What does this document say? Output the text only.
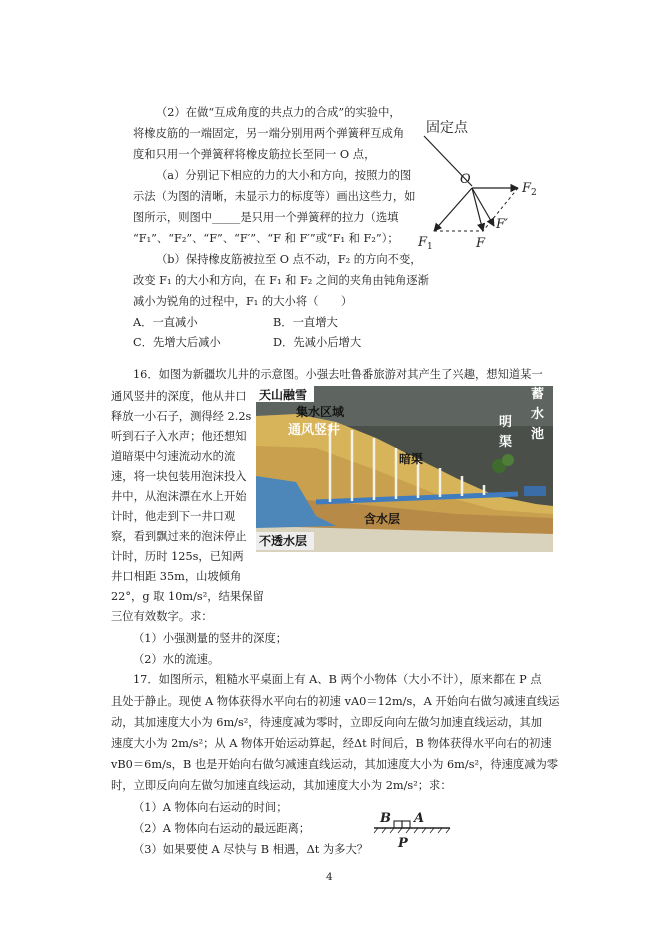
（2）在做“互成角度的共点力的合成”的实验中，
将橡皮筋的一端固定，另一端分别用两个弹簧秤互成角
度和只用一个弹簧秤将橡皮筋拉长至同一 O 点，
（a）分别记下相应的力的大小和方向，按照力的图
示法（为图的清晰，未显示力的标度等）画出这些力，如
图所示，则图中_____是只用一个弹簧秤的拉力（选填
“F₁”、“F₂”、“F”、“F′”、“F 和 F′”或“F₁ 和 F₂”）；
（b）保持橡皮筋被拉至 O 点不动，F₂ 的方向不变，
改变 F₁ 的大小和方向，在 F₁ 和 F₂ 之间的夹角由钝角逐渐
减小为锐角的过程中，F₁ 的大小将（　　）
A．一直减小	B．一直增大
C．先增大后减小	D．先减小后增大
固定点
O
$F_2$
$F_1$	F
F′
16．如图为新疆坎儿井的示意图。小强去吐鲁番旅游对其产生了兴趣，想知道某一
通风竖井的深度，他从井口
释放一小石子，测得经 2.2s
听到石子入水声；他还想知
道暗渠中匀速流动水的流
速，将一块包装用泡沫投入
井中，从泡沫漂在水上开始
计时，他走到下一井口观
察，看到飘过来的泡沫停止
计时，历时 125s，已知两
井口相距 35m，山坡倾角
22°，g 取 10m/s²，结果保留
三位有效数字。求：
（1）小强测量的竖井的深度；
（2）水的流速。
天山融雪
集水区域
通风竖井
暗渠
明
渠
蓄
水
池
含水层
不透水层
17．如图所示，粗糙水平桌面上有 A、B 两个小物体（大小不计），原来都在 P 点
且处于静止。现使 A 物体获得水平向右的初速 vA0＝12m/s，A 开始向右做匀减速直线运
动，其加速度大小为 6m/s²，待速度减为零时，立即反向向左做匀加速直线运动，其加
速度大小为 2m/s²；从 A 物体开始运动算起，经Δt 时间后，B 物体获得水平向右的初速
vB0＝6m/s，B 也是开始向右做匀减速直线运动，其加速度大小为 6m/s²，待速度减为零
时，立即反向向左做匀加速直线运动，其加速度大小为 2m/s²；求：
（1）A 物体向右运动的时间；
（2）A 物体向右运动的最远距离；
（3）如果要使 A 尽快与 B 相遇，Δt 为多大？
B A
P
4
